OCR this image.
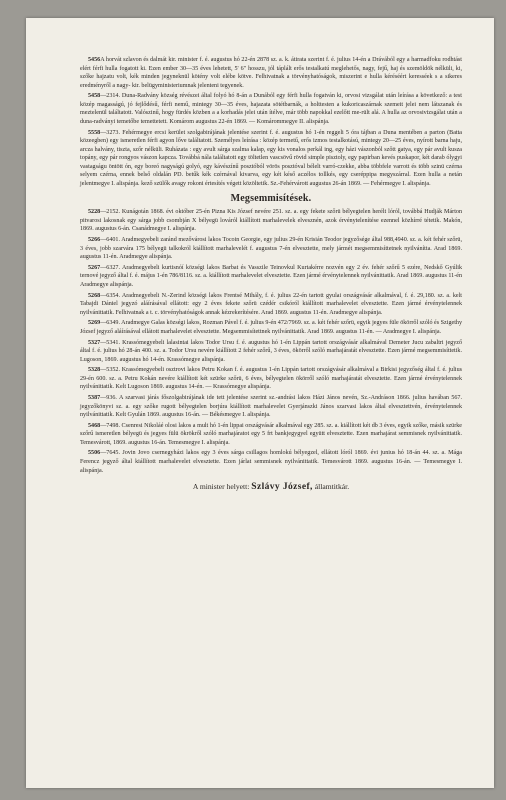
5456A horvát szlavon és dalmát kir. minister f. é. augustus hó 22-én 2878 sz. a. k. átirata szerint f. é. julius 14-én a Drávából egy a harmadfoku rodhtást elért férfi hulla fogatott ki. Ezen ember 30—35 éves lehetett, 5' 6" hosszu, jól táplált erős testalkatú meglehetős, nagy, fejű, haj és szemöldök nélküli, ki, szőke hajzatu volt, kék minden jegyneknül kötény volt elébe kötve. Felhivatnak a törvényhatóságok, miszerint e hulla kéréséért keresséek s a sikeres eredményről a nagy- kir. belügyministeriumnak jelenteni tegyenek.

5458—2314. Duna-Radvány község révészei által folyó hó 8-án a Dunából egy férfi hulla fogatván ki, orvosi vizsgálat után leírása a következő: a test közép magasságú, jó fejlődésű, férfi nemű, mintegy 30—35 éves, hajazata sötétbarnák, a holttesten a kukoricaszárnak szemeit jelei nem látszanak és meztelenül találtatott. Valószinű, hogy fürdés közben a a korhadás jelei után ítélve, már több napokkal ezelőtt me-rült alá. A hulla az orvosivizsgálat után a duna-radványi temetőbe temettetett. Komárom augustus 22-én 1869. — Komárommegye II. alispánja.

5558—3273. Fehérmegye ercsi kerület szolgabirájának jelentése szerint f. é. augustus hó 1-én reggeli 5 óra tájban a Duna mentében a parton (Batta közeegben) egy ismeretlen férfi agyon lőve találtatott. Személyes leírása : közép termetű, erős izmos testalkotású, mintegy 20—25 éves, nyírott barna haju, arcza halvány, tiszta, szőr nélküli. Ruházata : egy avult sárga szalma kalap, egy kis vonalos perkál ing, egy házi vászonból szőtt gatya, egy pár avult kusza topány, egy pár rongyos vászon kapcza. Továbbá nála találtatott egy töltetlen vascsövű rövid simple pisztoly, egy papirban kevés puskapor, két darab ólygyi vastagságu öntött ón, egy boreó nagyságú golyó, egy kávészínű posztóból vörös posztóval bélelt varró-czekke, abba többfele varrott és több szinü czérna selyem czérna, ennek belső oldalán PD. betűk kék czérnával kivarva, egy két késő aczélos tollkés, egy cseréppipa megyszárral. Ezen hulla a netán jelentmegye I. alispánja. kező szülők avagy rokoni értesítés végett közöltetik. Sz.-Fehérvárott augustus 26-án 1869. — Fehérmegye I. alispánja.

Megsemmisítések.

5228—2152. Kunágotán 1868. évi október 25-én Pizna Kis József nevére 251. sz. a. egy fekete szőrü bélyegtelen herélt lóról, továbbá Hudják Márton pitvarosi lakosnak egy sárga jobb csombján X bélyegü lováról kiállított marhalevelek elvesznén, azok érvénytelenítése ezennel közhírré tétetik. Makón, 1869. augustus 6-án. Csanádmegye I. alispánja.

5266—6401. Aradmegyebeli zaránd mezővárosi lakos Tocoin Georgie, egy julius 29-én Krisián Teodor jegyzősége által 988,4940. sz. a. két fehér szőrü, 3 éves, jobb szarvára 175 bélyegü talkokról kiállított marhalevelét f. augustus 7-én elvesztette, mely jármét megsemmisíttetnek nyilvánítta. Arad 1869. augustus 11-én. Aradmegye alispánja.

5267—6327. Aradmegyebeli kurtisnóí községi lakos Barbat és Vasszile Teinovkul Kurtakérre nozvén egy 2 év. fehér szőrű 5 ezére, Nedskő Gyúlik ternové jegyző által f. é. május 1-én 786/8116. sz. a. kiállított marhalevelet elvesztette. Ezen jármé érvénytelennek nyilvánittatik. Arad 1869. augustus 11-én Aradmegye alispánja.

5268—6354. Aradmegyebeli N.-Zerind községi lakos Frentsé Mihály, f. é. julius 22-én tartott gyulai országvásár alkalmával, f. é. 29,180. sz. a. kelt Tabajdi Dániel jegyzó aláírásával ellátott: egy 2 éves fekete szőrü czédér csikóról kiállított marhalevelet elvesztette. Ezen jármé érvénytelennek nyilvánittatik. Felhivatnak a t. c. törvényhatóságok annak kézrekerítésére. Arad 1869. augustus 11-én. Aradmegye alispánja.

5269—6349. Aradmegye Galas községi lakos, Rozman Pável f. é. julius 9-én 472/7969. sz. a. két fehér szőrü, egyik jegyes füle ökörről szóló és Szigethy József jegyző aláírásával ellátott marhalevelet elvesztette. Megsemmisítettnek nyilvánittatik. Arad 1869. augustus 11-én. — Aradmegye I. alispánja.

5327—5341. Krassómegyebeli lalasintai lakos Todor Ursu f. é. augustus hó 1-én Lippán tartott országvásár alkalmával Demeter Jucu zabaltri jegyző által f. é. julius hó 28-án 400. sz. a. Todor Ursu nevére kiállított 2 fehér szőrű, 3 éves, ökörről szóló marhajáratát elvesztette. Ezen jármé megsemmisíttetik. Lugoson, 1869. augustus hó 14-én. Krassómegye alispánja.

5328—5352. Krassómegyebeli osztrovi lakos Petru Kokan f. é. augustus 1-én Lippán tartott országvásár alkalmával a Birkisi jegyzőség által f. é. julius 29-én 600. sz. a. Petru Kokán nevére kiállított két szürke szőrü, 6 éves, bélyegtelen ökörről szóló marhajáratát elvesztette. Ezen jármé érvénytelennek nyilvánittatik. Kelt Lugoson 1869. augustus 14-én. — Krassómegye alispánja.

5387—936. A szarvasi járás főszolgabirájának ide tett jelentése szerint sz.-andrási lakos Házi János nevén, Sz.-Andráson 1866. julius havában 567. jegyzőkönyvi sz. a. egy szőke rugott bélyegtelen borjúra kiállított marhalevelet Gyerjánszki János szarvasi lakos által elvesztettvén, érvénytelennek nyilvánittatik. Kelt Gyulán 1869. augustus 16-án. — Békésmegye I. alispánja.

5468—7498. Csenresi Nikoláé olosi lakos a mult hó 1-én lippai országvásár alkalmával egy 285. sz. a. kiállított két db 3 éves, egyik szőke, másik szürke szőrű ismeretlen bélyegü és jegyes fülü ökrökről szóló marhajáratot egy 5 frt bankjegygyel együtt elvesztette. Ezen marhajárat semmisnek nyilvánittatik. Temesvárott, 1869. augustus 16-án. Temesmegye I. alispánja.

5506—7645. Jovin Jovo csernegyházi lakos egy 3 éves sárga csillagos homlokú bélyegzel, ellátott lóról 1869. évi junius hó 18-án 44. sz. a. Mága Ferencz jegyző által kiállított marhalevelet elvesztette. Ezen járlat semmisnek nyilvánittatik. Temesvárott 1869. augustus 16-án. — Temesmegye I. alispánja.

A minister helyett: Szlávy József, államtitkár.
